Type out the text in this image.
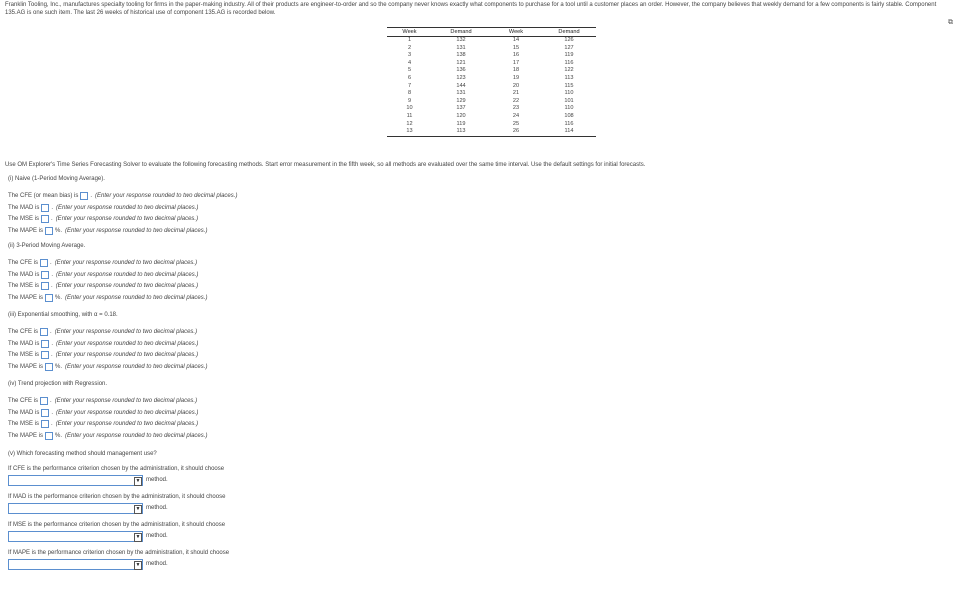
Franklin Tooling, Inc., manufactures specialty tooling for firms in the paper-making industry. All of their products are engineer-to-order and so the company never knows exactly what components to purchase for a tool until a customer places an order. However, the company believes that weekly demand for a few components is fairly stable. Component 135.AG is one such item. The last 26 weeks of historical use of component 135.AG is recorded below.
⧉
Week	Demand	Week	Demand
1	132	14	126
2	131	15	127
3	138	16	119
4	121	17	116
5	136	18	122
6	123	19	113
7	144	20	115
8	131	21	110
9	129	22	101
10	137	23	110
11	120	24	108
12	119	25	116
13	113	26	114
Use OM Explorer's Time Series Forecasting Solver to evaluate the following forecasting methods. Start error measurement in the fifth week, so all methods are evaluated over the same time interval. Use the default settings for initial forecasts.
(i) Naive (1-Period Moving Average).
The CFE (or mean bias) is . (Enter your response rounded to two decimal places.)
The MAD is . (Enter your response rounded to two decimal places.)
The MSE is . (Enter your response rounded to two decimal places.)
The MAPE is %. (Enter your response rounded to two decimal places.)
(ii) 3-Period Moving Average.
The CFE is . (Enter your response rounded to two decimal places.)
The MAD is . (Enter your response rounded to two decimal places.)
The MSE is . (Enter your response rounded to two decimal places.)
The MAPE is %. (Enter your response rounded to two decimal places.)
(iii) Exponential smoothing, with α = 0.18.
The CFE is . (Enter your response rounded to two decimal places.)
The MAD is . (Enter your response rounded to two decimal places.)
The MSE is . (Enter your response rounded to two decimal places.)
The MAPE is %. (Enter your response rounded to two decimal places.)
(iv) Trend projection with Regression.
The CFE is . (Enter your response rounded to two decimal places.)
The MAD is . (Enter your response rounded to two decimal places.)
The MSE is . (Enter your response rounded to two decimal places.)
The MAPE is %. (Enter your response rounded to two decimal places.)
(v) Which forecasting method should management use?
If CFE is the performance criterion chosen by the administration, it should choose
▼ method.
If MAD is the performance criterion chosen by the administration, it should choose
▼ method.
If MSE is the performance criterion chosen by the administration, it should choose
▼ method.
If MAPE is the performance criterion chosen by the administration, it should choose
▼ method.
